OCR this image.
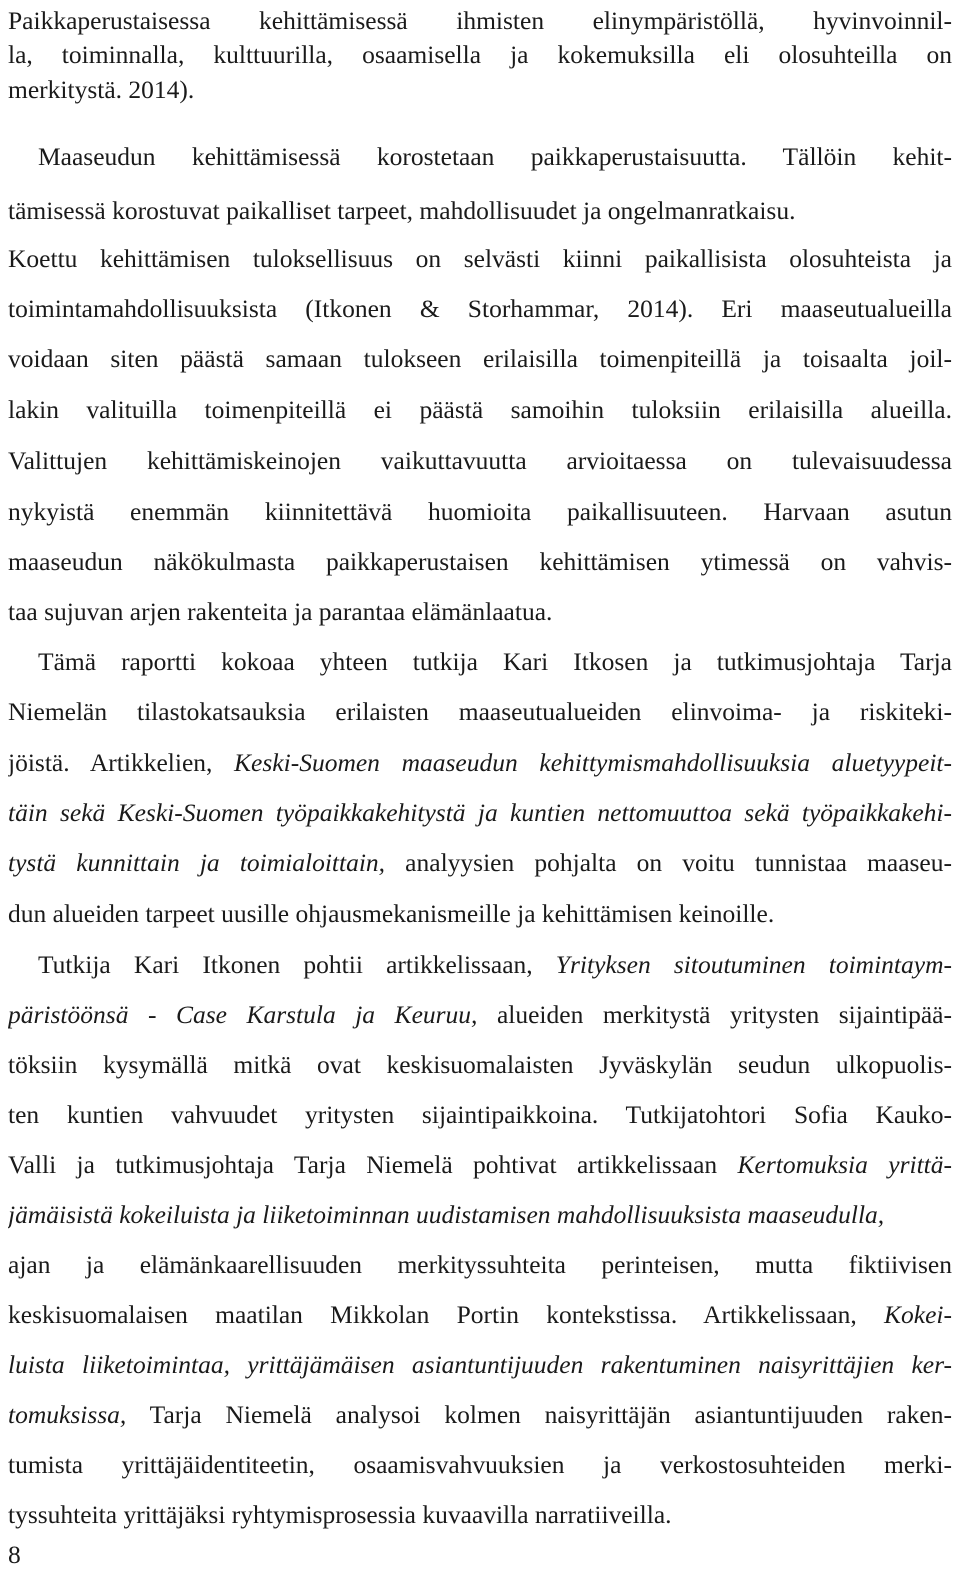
Paikkaperustaisessa kehittämisessä ihmisten elinympäristöllä, hyvinvoinnil-
la, toiminnalla, kulttuurilla, osaamisella ja kokemuksilla eli olosuhteilla on
merkitystä. 2014).
Maaseudun kehittämisessä korostetaan paikkaperustaisuutta. Tällöin kehit-
tämisessä korostuvat paikalliset tarpeet, mahdollisuudet ja ongelmanratkaisu.
Koettu kehittämisen tuloksellisuus on selvästi kiinni paikallisista olosuhteista ja
toimintamahdollisuuksista (Itkonen & Storhammar, 2014). Eri maaseutualueilla
voidaan siten päästä samaan tulokseen erilaisilla toimenpiteillä ja toisaalta joil-
lakin valituilla toimenpiteillä ei päästä samoihin tuloksiin erilaisilla alueilla.
Valittujen kehittämiskeinojen vaikuttavuutta arvioitaessa on tulevaisuudessa
nykyistä enemmän kiinnitettävä huomioita paikallisuuteen. Harvaan asutun
maaseudun näkökulmasta paikkaperustaisen kehittämisen ytimessä on vahvis-
taa sujuvan arjen rakenteita ja parantaa elämänlaatua.
Tämä raportti kokoaa yhteen tutkija Kari Itkosen ja tutkimusjohtaja Tarja
Niemelän tilastokatsauksia erilaisten maaseutualueiden elinvoima- ja riskiteki-
jöistä. Artikkelien, Keski-Suomen maaseudun kehittymismahdollisuuksia aluetyypeit-
täin sekä Keski-Suomen työpaikkakehitystä ja kuntien nettomuuttoa sekä työpaikkakehi-
tystä kunnittain ja toimialoittain, analyysien pohjalta on voitu tunnistaa maaseu-
dun alueiden tarpeet uusille ohjausmekanismeille ja kehittämisen keinoille.
Tutkija Kari Itkonen pohtii artikkelissaan, Yrityksen sitoutuminen toimintaym-
päristöönsä - Case Karstula ja Keuruu, alueiden merkitystä yritysten sijaintipää-
töksiin kysymällä mitkä ovat keskisuomalaisten Jyväskylän seudun ulkopuolis-
ten kuntien vahvuudet yritysten sijaintipaikkoina. Tutkijatohtori Sofia Kauko-
Valli ja tutkimusjohtaja Tarja Niemelä pohtivat artikkelissaan Kertomuksia yrittä-
jämäisistä kokeiluista ja liiketoiminnan uudistamisen mahdollisuuksista maaseudulla,
ajan ja elämänkaarellisuuden merkityssuhteita perinteisen, mutta fiktiivisen
keskisuomalaisen maatilan Mikkolan Portin kontekstissa. Artikkelissaan, Kokei-
luista liiketoimintaa, yrittäjämäisen asiantuntijuuden rakentuminen naisyrittäjien ker-
tomuksissa, Tarja Niemelä analysoi kolmen naisyrittäjän asiantuntijuuden raken-
tumista yrittäjäidentiteetin, osaamisvahvuuksien ja verkostosuhteiden merki-
tyssuhteita yrittäjäksi ryhtymisprosessia kuvaavilla narratiiveilla.
8
